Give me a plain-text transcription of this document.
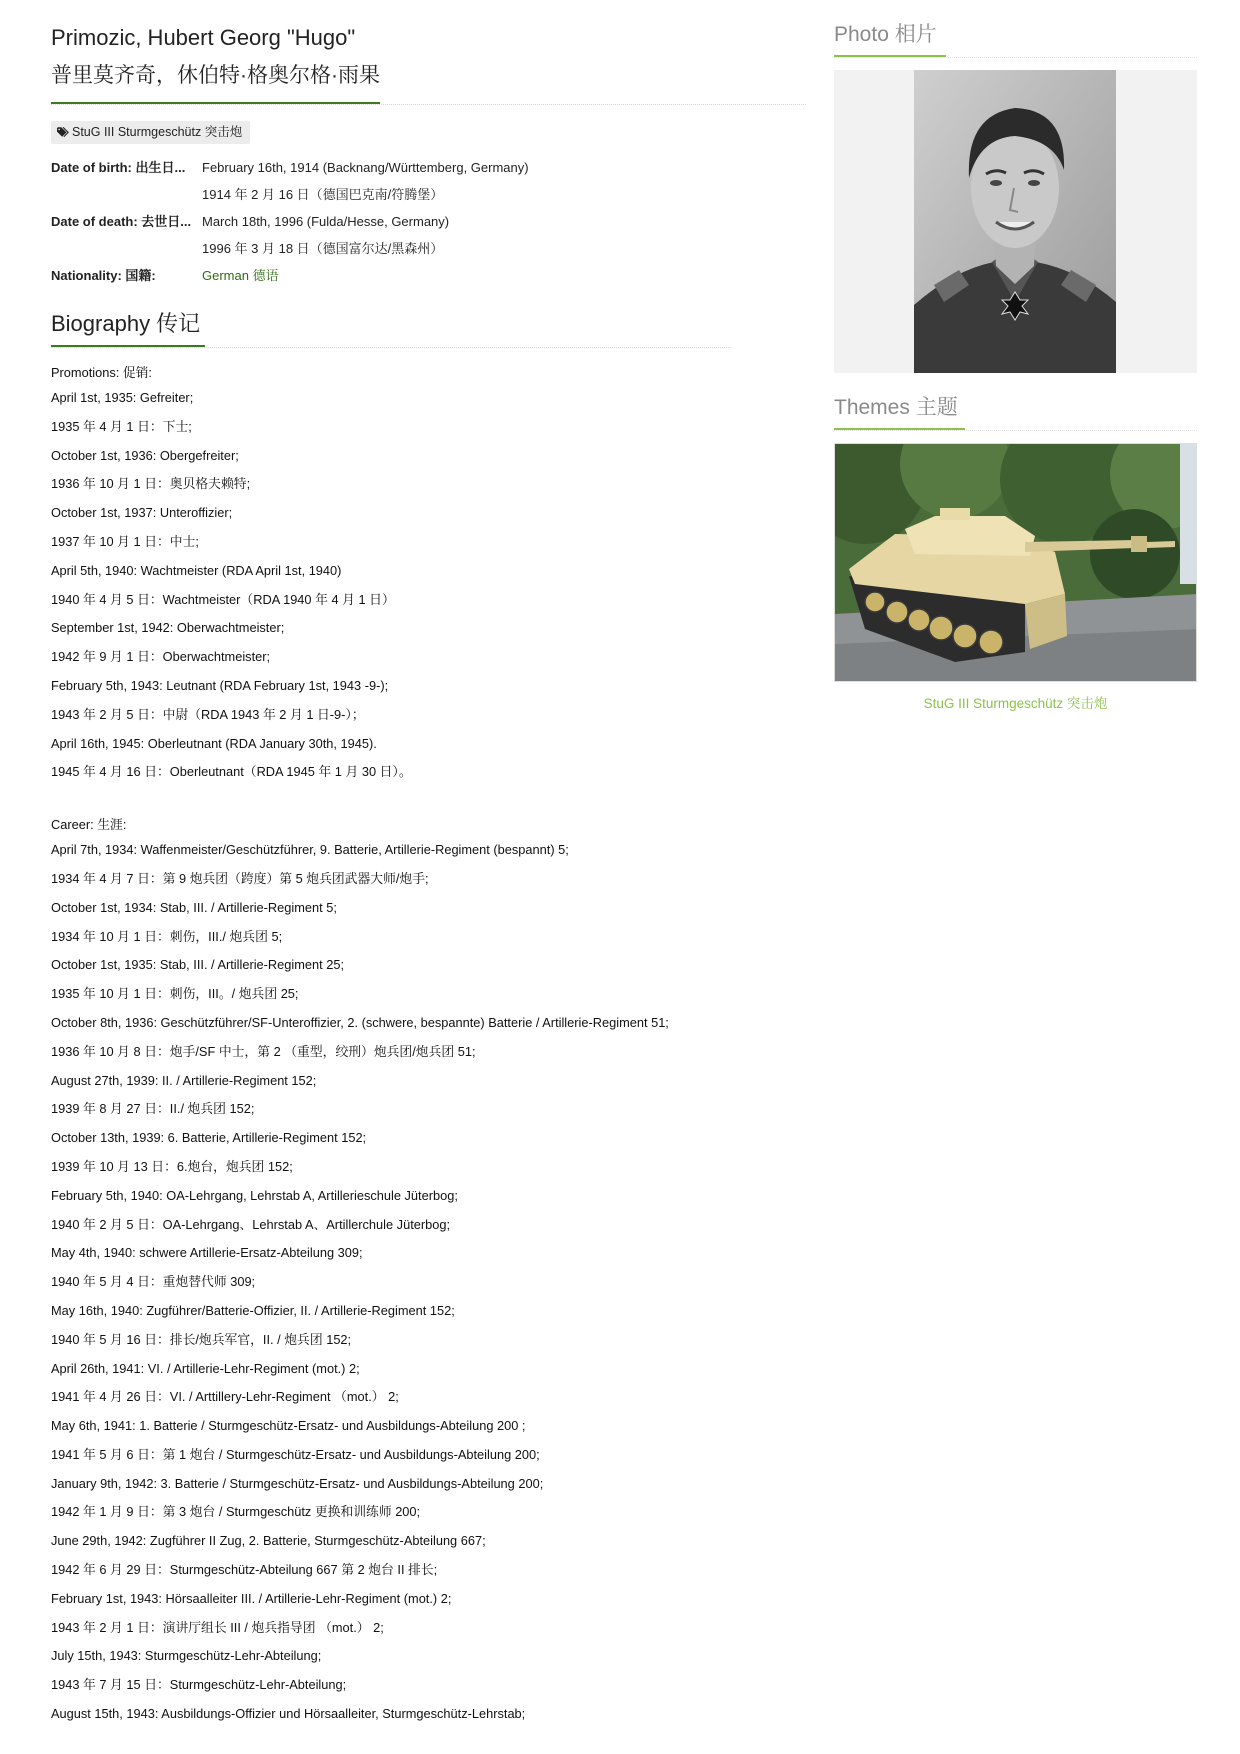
Primozic, Hubert Georg "Hugo"
普里莫齐奇，休伯特·格奥尔格·雨果
StuG III Sturmgeschütz 突击炮
Date of birth: 出生日...	February 16th, 1914 (Backnang/Württemberg, Germany)
1914 年 2 月 16 日（德国巴克南/符腾堡）
Date of death: 去世日... March 18th, 1996 (Fulda/Hesse, Germany)
1996 年 3 月 18 日（德国富尔达/黑森州）
Nationality: 国籍:	German 德语
Biography 传记
Promotions: 促销:
April 1st, 1935: Gefreiter;
1935 年 4 月 1 日：下士;
October 1st, 1936: Obergefreiter;
1936 年 10 月 1 日：奥贝格夫赖特;
October 1st, 1937: Unteroffizier;
1937 年 10 月 1 日：中士;
April 5th, 1940: Wachtmeister (RDA April 1st, 1940)
1940 年 4 月 5 日：Wachtmeister（RDA 1940 年 4 月 1 日）
September 1st, 1942: Oberwachtmeister;
1942 年 9 月 1 日：Oberwachtmeister;
February 5th, 1943: Leutnant (RDA February 1st, 1943 -9-);
1943 年 2 月 5 日：中尉（RDA 1943 年 2 月 1 日-9-）；
April 16th, 1945: Oberleutnant (RDA January 30th, 1945).
1945 年 4 月 16 日：Oberleutnant（RDA 1945 年 1 月 30 日）。
Career: 生涯:
April 7th, 1934: Waffenmeister/Geschützführer, 9. Batterie, Artillerie-Regiment (bespannt) 5;
1934 年 4 月 7 日：第 9 炮兵团（跨度）第 5 炮兵团武器大师/炮手;
October 1st, 1934: Stab, III. / Artillerie-Regiment 5;
1934 年 10 月 1 日：刺伤，III./ 炮兵团 5;
October 1st, 1935: Stab, III. / Artillerie-Regiment 25;
1935 年 10 月 1 日：刺伤，III。/ 炮兵团 25;
October 8th, 1936: Geschützführer/SF-Unteroffizier, 2. (schwere, bespannte) Batterie / Artillerie-Regiment 51;
1936 年 10 月 8 日：炮手/SF 中士，第 2 （重型，绞刑）炮兵团/炮兵团 51;
August 27th, 1939: II. / Artillerie-Regiment 152;
1939 年 8 月 27 日：II./ 炮兵团 152;
October 13th, 1939: 6. Batterie, Artillerie-Regiment 152;
1939 年 10 月 13 日：6.炮台，炮兵团 152;
February 5th, 1940: OA-Lehrgang, Lehrstab A, Artillerieschule Jüterbog;
1940 年 2 月 5 日：OA-Lehrgang、Lehrstab A、Artillerchule Jüterbog;
May 4th, 1940: schwere Artillerie-Ersatz-Abteilung 309;
1940 年 5 月 4 日：重炮替代师 309;
May 16th, 1940: Zugführer/Batterie-Offizier, II. / Artillerie-Regiment 152;
1940 年 5 月 16 日：排长/炮兵军官，II. / 炮兵团 152;
April 26th, 1941: VI. / Artillerie-Lehr-Regiment (mot.) 2;
1941 年 4 月 26 日：VI. / Arttillery-Lehr-Regiment （mot.） 2;
May 6th, 1941: 1. Batterie / Sturmgeschütz-Ersatz- und Ausbildungs-Abteilung 200 ;
1941 年 5 月 6 日：第 1 炮台 / Sturmgeschütz-Ersatz- und Ausbildungs-Abteilung 200;
January 9th, 1942: 3. Batterie / Sturmgeschütz-Ersatz- und Ausbildungs-Abteilung 200;
1942 年 1 月 9 日：第 3 炮台 / Sturmgeschütz 更换和训练师 200;
June 29th, 1942: Zugführer II Zug, 2. Batterie, Sturmgeschütz-Abteilung 667;
1942 年 6 月 29 日：Sturmgeschütz-Abteilung 667 第 2 炮台 II 排长;
February 1st, 1943: Hörsaalleiter III. / Artillerie-Lehr-Regiment (mot.) 2;
1943 年 2 月 1 日：演讲厅组长 III / 炮兵指导团 （mot.） 2;
July 15th, 1943: Sturmgeschütz-Lehr-Abteilung;
1943 年 7 月 15 日：Sturmgeschütz-Lehr-Abteilung;
August 15th, 1943: Ausbildungs-Offizier und Hörsaalleiter, Sturmgeschütz-Lehrstab;
Photo 相片
Themes 主题
StuG III Sturmgeschütz 突击炮
